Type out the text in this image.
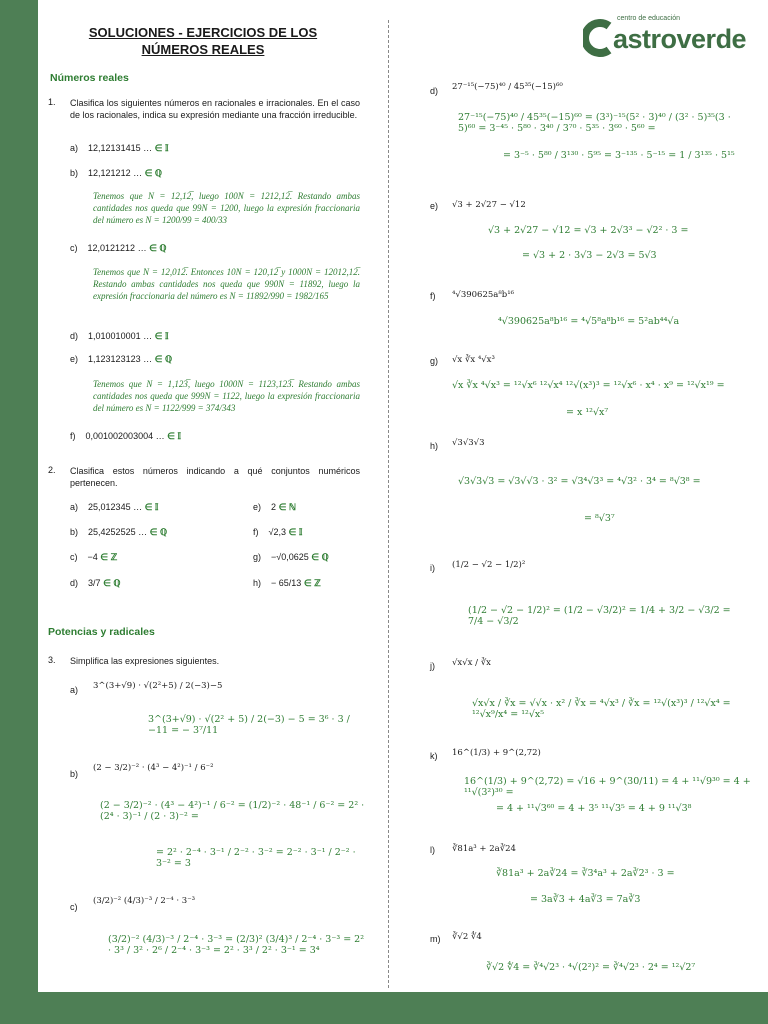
SOLUCIONES - EJERCICIOS DE LOS
NÚMEROS REALES
centro de educación
astroverde
Números reales
1. Clasifica los siguientes números en racionales e irracionales. En el caso de los racionales, indica su expresión mediante una fracción irreducible.
a) 12,12131415 … ∈ 𝕀
b) 12,121212 … ∈ ℚ
Tenemos que N = 12,12̅, luego 100N = 1212,12̅. Restando ambas cantidades nos queda que 99N = 1200, luego la expresión fraccionaria del número es N = 1200/99 = 400/33
c) 12,0121212 … ∈ ℚ
Tenemos que N = 12,012̅. Entonces 10N = 120,12̅ y 1000N = 12012,12̅. Restando ambas cantidades nos queda que 990N = 11892, luego la expresión fraccionaria del número es N = 11892/990 = 1982/165
d) 1,010010001 … ∈ 𝕀
e) 1,123123123 … ∈ ℚ
Tenemos que N = 1,123̅, luego 1000N = 1123,123̅. Restando ambas cantidades nos queda que 999N = 1122, luego la expresión fraccionaria del número es N = 1122/999 = 374/343
f) 0,001002003004 … ∈ 𝕀
2. Clasifica estos números indicando a qué conjuntos numéricos pertenecen.
a) 25,012345 … ∈ 𝕀
b) 25,4252525 … ∈ ℚ
c) −4 ∈ ℤ
d) 3/7 ∈ ℚ
e) 2 ∈ ℕ
f) √2,3 ∈ 𝕀
g) −√0,0625 ∈ ℚ
h) − 65/13 ∈ ℤ
Potencias y radicales
3. Simplifica las expresiones siguientes.
a) 3^(3+√9) · √(2²+5) / 2(−3)−5
3^(3+√9) · √(2² + 5) / 2(−3) − 5 = 3⁶ · 3 / −11 = − 3⁷/11
b)
(2 − 3/2)⁻² · (4³ − 4²)⁻¹ / 6⁻²
(2 − 3/2)⁻² · (4³ − 4²)⁻¹ / 6⁻² = (1/2)⁻² · 48⁻¹ / 6⁻² = 2² · (2⁴ · 3)⁻¹ / (2 · 3)⁻² =
= 2² · 2⁻⁴ · 3⁻¹ / 2⁻² · 3⁻² = 2⁻² · 3⁻¹ / 2⁻² · 3⁻² = 3
c)
(3/2)⁻² (4/3)⁻³ / 2⁻⁴ · 3⁻³
(3/2)⁻² (4/3)⁻³ / 2⁻⁴ · 3⁻³ = (2/3)² (3/4)³ / 2⁻⁴ · 3⁻³ = 2² · 3³ / 3² · 2⁶ / 2⁻⁴ · 3⁻³ = 2² · 3³ / 2² · 3⁻¹ = 3⁴
d) 27⁻¹⁵(−75)⁴⁰ / 45³⁵(−15)⁶⁰
27⁻¹⁵(−75)⁴⁰ / 45³⁵(−15)⁶⁰ = (3³)⁻¹⁵(5² · 3)⁴⁰ / (3² · 5)³⁵(3 · 5)⁶⁰ = 3⁻⁴⁵ · 5⁸⁰ · 3⁴⁰ / 3⁷⁰ · 5³⁵ · 3⁶⁰ · 5⁶⁰ =
= 3⁻⁵ · 5⁸⁰ / 3¹³⁰ · 5⁹⁵ = 3⁻¹³⁵ · 5⁻¹⁵ = 1 / 3¹³⁵ · 5¹⁵
e) √3 + 2√27 − √12
√3 + 2√27 − √12 = √3 + 2√3³ − √2² · 3 =
= √3 + 2 · 3√3 − 2√3 = 5√3
f) ⁴√390625a⁸b¹⁶
⁴√390625a⁸b¹⁶ = ⁴√5⁸a⁸b¹⁶ = 5²ab⁴⁴√a
g) √x ∛x ⁴√x³
√x ∛x ⁴√x³ = ¹²√x⁶ ¹²√x⁴ ¹²√(x³)³ = ¹²√x⁶ · x⁴ · x⁹ = ¹²√x¹⁹ =
= x ¹²√x⁷
h) √3√3√3
√3√3√3 = √3√√3 · 3² = √3⁴√3³ = ⁴√3² · 3⁴ = ⁸√3⁸ =
= ⁸√3⁷
i) (1/2 − √2 − 1/2)²
(1/2 − √2 − 1/2)² = (1/2 − √3/2)² = 1/4 + 3/2 − √3/2 = 7/4 − √3/2
j) √x√x / ∛x
√x√x / ∛x = √√x · x² / ∛x = ⁴√x³ / ∛x = ¹²√(x³)³ / ¹²√x⁴ = ¹²√x⁹/x⁴ = ¹²√x⁵
k) 16^(1/3) + 9^(2,72)
16^(1/3) + 9^(2,72) = √16 + 9^(30/11) = 4 + ¹¹√9³⁰ = 4 + ¹¹√(3²)³⁰ =
= 4 + ¹¹√3⁶⁰ = 4 + 3⁵ ¹¹√3⁵ = 4 + 9 ¹¹√3⁸
l) ∛81a³ + 2a∛24
∛81a³ + 2a∛24 = ∛3⁴a³ + 2a∛2³ · 3 =
= 3a∛3 + 4a∛3 = 7a∛3
m) ∛√2 ∜4
∛√2 ∜4 = ∛⁴√2³ · ⁴√(2²)² = ∛⁴√2³ · 2⁴ = ¹²√2⁷
